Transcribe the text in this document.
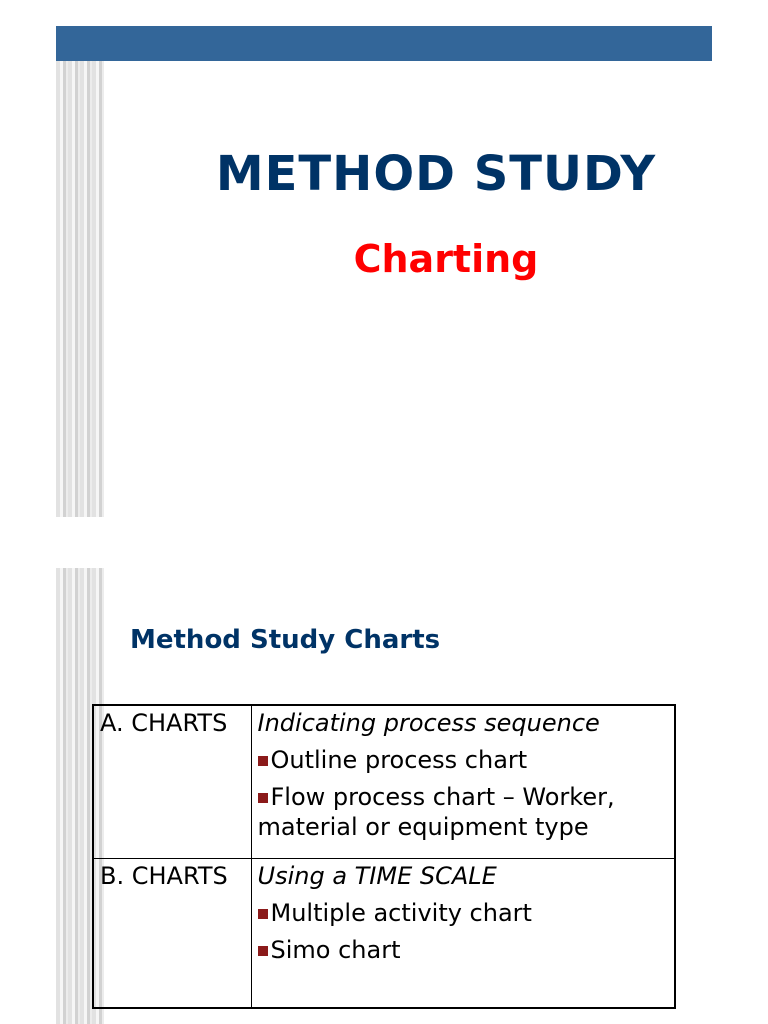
METHOD STUDY
Charting
Method Study Charts
A. CHARTS	Indicating process sequence
Outline process chart
Flow process chart – Worker, material or equipment type

B. CHARTS	Using a TIME SCALE
Multiple activity chart
Simo chart
